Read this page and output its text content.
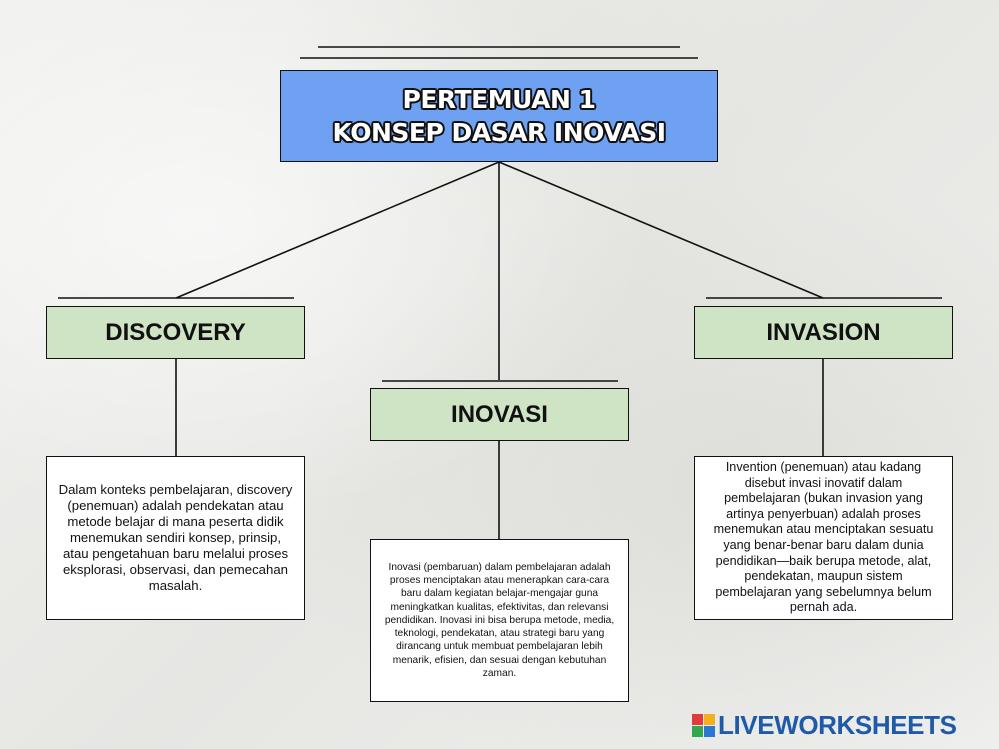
PERTEMUAN 1
KONSEP DASAR INOVASI
DISCOVERY
INOVASI
INVASION
Dalam konteks pembelajaran, discovery (penemuan) adalah pendekatan atau metode belajar di mana peserta didik menemukan sendiri konsep, prinsip, atau pengetahuan baru melalui proses eksplorasi, observasi, dan pemecahan masalah.
Inovasi (pembaruan) dalam pembelajaran adalah proses menciptakan atau menerapkan cara-cara baru dalam kegiatan belajar-mengajar guna meningkatkan kualitas, efektivitas, dan relevansi pendidikan. Inovasi ini bisa berupa metode, media, teknologi, pendekatan, atau strategi baru yang dirancang untuk membuat pembelajaran lebih menarik, efisien, dan sesuai dengan kebutuhan zaman.
Invention (penemuan) atau kadang disebut invasi inovatif dalam pembelajaran (bukan invasion yang artinya penyerbuan) adalah proses menemukan atau menciptakan sesuatu yang benar-benar baru dalam dunia pendidikan—baik berupa metode, alat, pendekatan, maupun sistem pembelajaran yang sebelumnya belum pernah ada.
LIVEWORKSHEETS
